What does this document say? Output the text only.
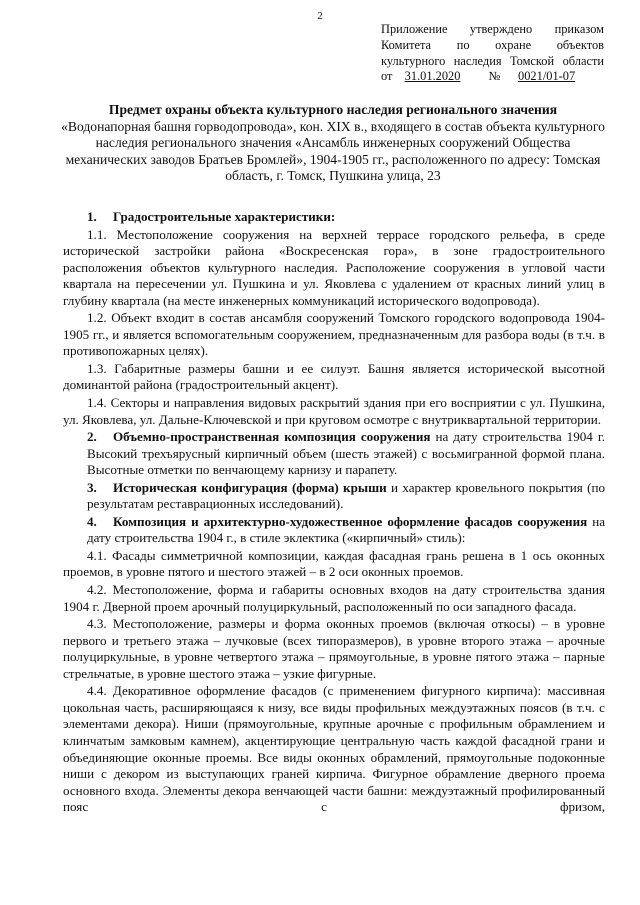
2
Приложение утверждено приказом
Комитета по охране объектов
культурного наследия Томской области
от 31.01.2020 № 0021/01-07
Предмет охраны объекта культурного наследия регионального значения
«Водонапорная башня горводопровода», кон. XIX в., входящего в состав объекта культурного наследия регионального значения «Ансамбль инженерных сооружений Общества механических заводов Братьев Бромлей», 1904-1905 гг., расположенного по адресу: Томская область, г. Томск, Пушкина улица, 23
1. Градостроительные характеристики:
1.1. Местоположение сооружения на верхней террасе городского рельефа, в среде исторической застройки района «Воскресенская гора», в зоне градостроительного расположения объектов культурного наследия. Расположение сооружения в угловой части квартала на пересечении ул. Пушкина и ул. Яковлева с удалением от красных линий улиц в глубину квартала (на месте инженерных коммуникаций исторического водопровода).
1.2. Объект входит в состав ансамбля сооружений Томского городского водопровода 1904-1905 гг., и является вспомогательным сооружением, предназначенным для разбора воды (в т.ч. в противопожарных целях).
1.3. Габаритные размеры башни и ее силуэт. Башня является исторической высотной доминантой района (градостроительный акцент).
1.4. Секторы и направления видовых раскрытий здания при его восприятии с ул. Пушкина, ул. Яковлева, ул. Дальне-Ключевской и при круговом осмотре с внутриквартальной территории.
2. Объемно-пространственная композиция сооружения на дату строительства 1904 г. Высокий трехъярусный кирпичный объем (шесть этажей) с восьмигранной формой плана. Высотные отметки по венчающему карнизу и парапету.
3. Историческая конфигурация (форма) крыши и характер кровельного покрытия (по результатам реставрационных исследований).
4. Композиция и архитектурно-художественное оформление фасадов сооружения на дату строительства 1904 г., в стиле эклектика («кирпичный» стиль):
4.1. Фасады симметричной композиции, каждая фасадная грань решена в 1 ось оконных проемов, в уровне пятого и шестого этажей – в 2 оси оконных проемов.
4.2. Местоположение, форма и габариты основных входов на дату строительства здания 1904 г. Дверной проем арочный полуциркульный, расположенный по оси западного фасада.
4.3. Местоположение, размеры и форма оконных проемов (включая откосы) – в уровне первого и третьего этажа – лучковые (всех типоразмеров), в уровне второго этажа – арочные полуциркульные, в уровне четвертого этажа – прямоугольные, в уровне пятого этажа – парные стрельчатые, в уровне шестого этажа – узкие фигурные.
4.4. Декоративное оформление фасадов (с применением фигурного кирпича): массивная цокольная часть, расширяющаяся к низу, все виды профильных междуэтажных поясов (в т.ч. с элементами декора). Ниши (прямоугольные, крупные арочные с профильным обрамлением и клинчатым замковым камнем), акцентирующие центральную часть каждой фасадной грани и объединяющие оконные проемы. Все виды оконных обрамлений, прямоугольные подоконные ниши с декором из выступающих граней кирпича. Фигурное обрамление дверного проема основного входа. Элементы декора венчающей части башни: междуэтажный профилированный пояс с фризом,
